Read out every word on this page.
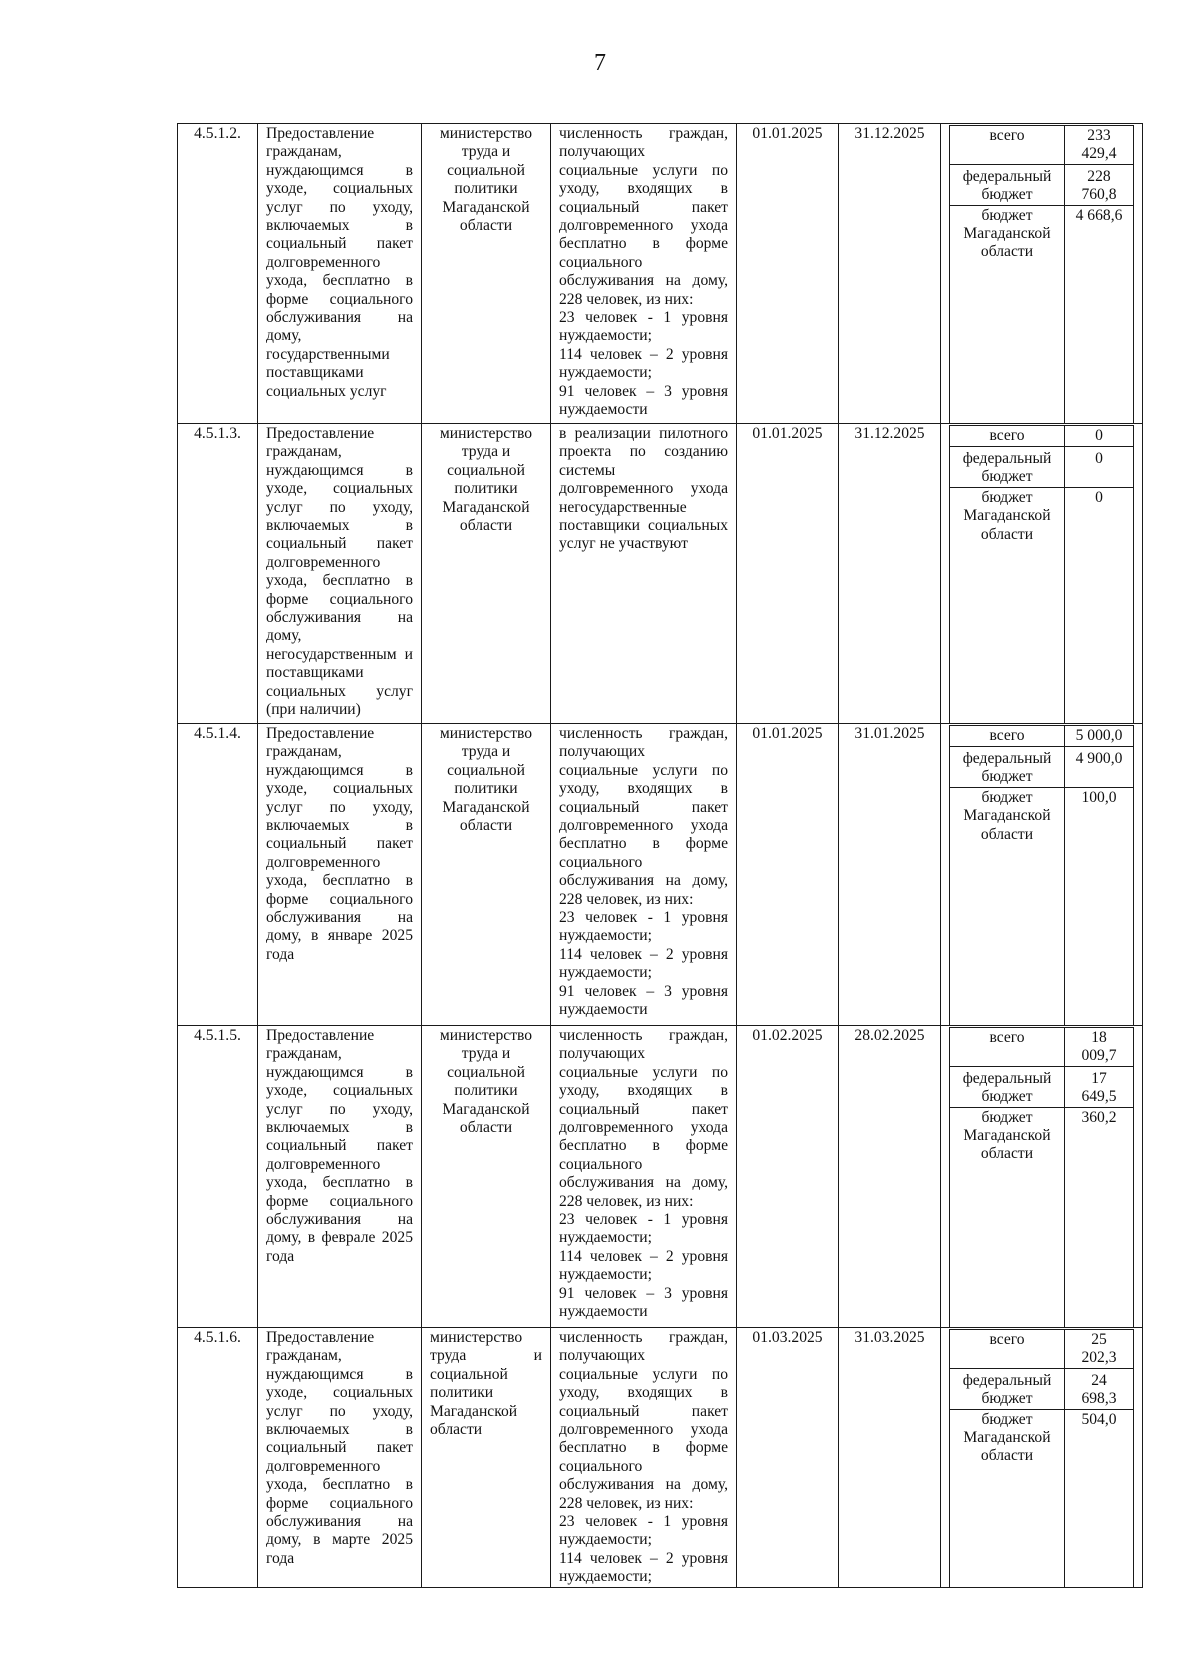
7
4.5.1.2.	Предоставление гражданам, нуждающимся в уходе, социальных услуг по уходу, включаемых в социальный пакет долговременного ухода, бесплатно в форме социального обслуживания на дому, государственными поставщиками социальных услуг	министерство труда и социальной политики Магаданской области	численность граждан, получающих социальные услуги по уходу, входящих в социальный пакет долговременного ухода бесплатно в форме социального обслуживания на дому, 228 человек, из них:
23 человек - 1 уровня нуждаемости;
114 человек – 2 уровня нуждаемости;
91 человек – 3 уровня нуждаемости	01.01.2025	31.12.2025		всего	233 429,4
федеральный бюджет	228 760,8
бюджет Магаданской области	4 668,6

4.5.1.3.	Предоставление гражданам, нуждающимся в уходе, социальных услуг по уходу, включаемых в социальный пакет долговременного ухода, бесплатно в форме социального обслуживания на дому, негосударственным и поставщиками социальных услуг (при наличии)	министерство труда и социальной политики Магаданской области	в реализации пилотного проекта по созданию системы долговременного ухода негосударственные поставщики социальных услуг не участвуют	01.01.2025	31.12.2025		всего	0
федеральный бюджет	0
бюджет Магаданской области	0

4.5.1.4.	Предоставление гражданам, нуждающимся в уходе, социальных услуг по уходу, включаемых в социальный пакет долговременного ухода, бесплатно в форме социального обслуживания на дому, в январе 2025 года	министерство труда и социальной политики Магаданской области	численность граждан, получающих социальные услуги по уходу, входящих в социальный пакет долговременного ухода бесплатно в форме социального обслуживания на дому, 228 человек, из них:
23 человек - 1 уровня нуждаемости;
114 человек – 2 уровня нуждаемости;
91 человек – 3 уровня нуждаемости	01.01.2025	31.01.2025		всего	5 000,0
федеральный бюджет	4 900,0
бюджет Магаданской области	100,0

4.5.1.5.	Предоставление гражданам, нуждающимся в уходе, социальных услуг по уходу, включаемых в социальный пакет долговременного ухода, бесплатно в форме социального обслуживания на дому, в феврале 2025 года	министерство труда и социальной политики Магаданской области	численность граждан, получающих социальные услуги по уходу, входящих в социальный пакет долговременного ухода бесплатно в форме социального обслуживания на дому, 228 человек, из них:
23 человек - 1 уровня нуждаемости;
114 человек – 2 уровня нуждаемости;
91 человек – 3 уровня нуждаемости	01.02.2025	28.02.2025		всего	18 009,7
федеральный бюджет	17 649,5
бюджет Магаданской области	360,2

4.5.1.6.	Предоставление гражданам, нуждающимся в уходе, социальных услуг по уходу, включаемых в социальный пакет долговременного ухода, бесплатно в форме социального обслуживания на дому, в марте 2025 года	министерство труда и социальной политики Магаданской области	численность граждан, получающих социальные услуги по уходу, входящих в социальный пакет долговременного ухода бесплатно в форме социального обслуживания на дому, 228 человек, из них:
23 человек - 1 уровня нуждаемости;
114 человек – 2 уровня нуждаемости;	01.03.2025	31.03.2025		всего	25 202,3
федеральный бюджет	24 698,3
бюджет Магаданской области	504,0
